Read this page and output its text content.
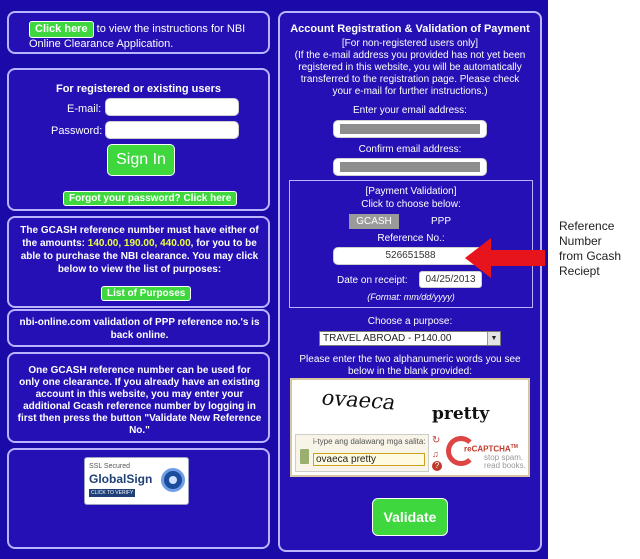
Click here to view the instructions for NBI Online Clearance Application.
For registered or existing users
E-mail:
Password:
Sign In
Forgot your password? Click here
The GCASH reference number must have either of the amounts: 140.00, 190.00, 440.00, for you to be able to purchase the NBI clearance. You may click below to view the list of purposes:
List of Purposes
nbi-online.com validation of PPP reference no.'s is back online.
One GCASH reference number can be used for only one clearance. If you already have an existing account in this website, you may enter your additional Gcash reference number by logging in first then press the button "Validate New Reference No."
SSL Secured
GlobalSign
CLICK TO VERIFY
Account Registration & Validation of Payment
[For non-registered users only]
(If the e-mail address you provided has not yet been registered in this website, you will be automatically transferred to the registration page. Please check your e-mail for further instructions.)
Enter your email address:
Confirm email address:
[Payment Validation]
Click to choose below:
GCASH	PPP
Reference No.:
526651588
Date on receipt:	04/25/2013
(Format: mm/dd/yyyy)
Choose a purpose:
TRAVEL ABROAD - P140.00	▼
Please enter the two alphanumeric words you see below in the blank provided:
ovaeca pretty
i-type ang dalawang mga salita:
ovaeca pretty
↻
♫
?
reCAPTCHA™
stop spam.
read books.
Validate
Reference
Number
from Gcash
Reciept
